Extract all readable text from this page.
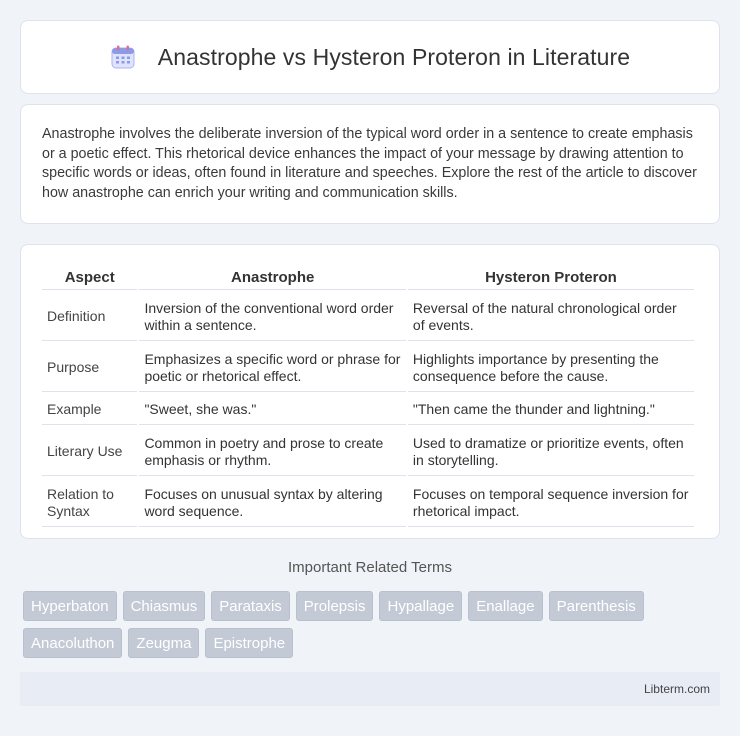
Anastrophe vs Hysteron Proteron in Literature

Anastrophe involves the deliberate inversion of the typical word order in a sentence to create emphasis or a poetic effect. This rhetorical device enhances the impact of your message by drawing attention to specific words or ideas, often found in literature and speeches. Explore the rest of the article to discover how anastrophe can enrich your writing and communication skills.

Aspect	Anastrophe	Hysteron Proteron
Definition	Inversion of the conventional word order within a sentence.	Reversal of the natural chronological order of events.
Purpose	Emphasizes a specific word or phrase for poetic or rhetorical effect.	Highlights importance by presenting the consequence before the cause.
Example	"Sweet, she was."	"Then came the thunder and lightning."
Literary Use	Common in poetry and prose to create emphasis or rhythm.	Used to dramatize or prioritize events, often in storytelling.
Relation to Syntax	Focuses on unusual syntax by altering word sequence.	Focuses on temporal sequence inversion for rhetorical impact.
Important Related Terms
Hyperbaton	Chiasmus	Parataxis	Prolepsis	Hypallage	Enallage	Parenthesis
Anacoluthon	Zeugma	Epistrophe
Libterm.com
